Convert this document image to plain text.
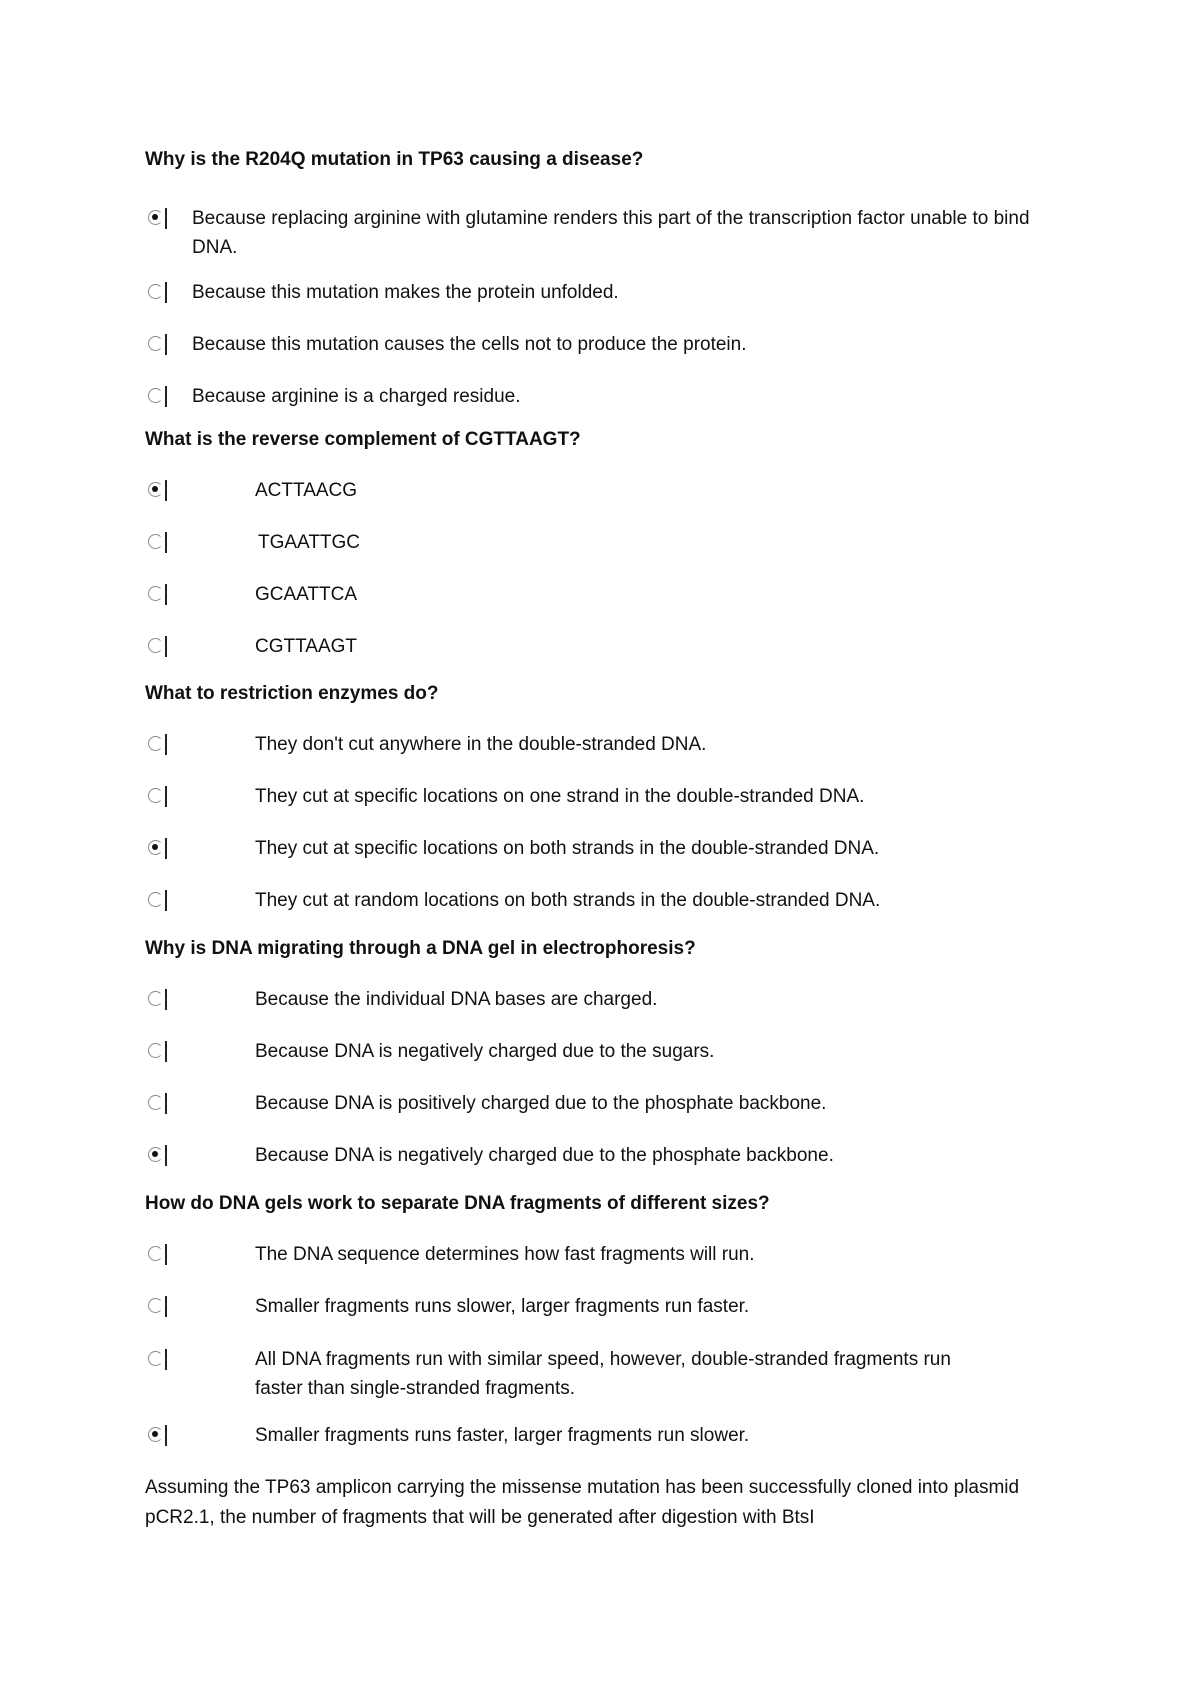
Why is the R204Q mutation in TP63 causing a disease?
Because replacing arginine with glutamine renders this part of the transcription factor unable to bind DNA.
Because this mutation makes the protein unfolded.
Because this mutation causes the cells not to produce the protein.
Because arginine is a charged residue.
What is the reverse complement of CGTTAAGT?
ACTTAACG
TGAATTGC
GCAATTCA
CGTTAAGT
What to restriction enzymes do?
They don't cut anywhere in the double-stranded DNA.
They cut at specific locations on one strand in the double-stranded DNA.
They cut at specific locations on both strands in the double-stranded DNA.
They cut at random locations on both strands in the double-stranded DNA.
Why is DNA migrating through a DNA gel in electrophoresis?
Because the individual DNA bases are charged.
Because DNA is negatively charged due to the sugars.
Because DNA is positively charged due to the phosphate backbone.
Because DNA is negatively charged due to the phosphate backbone.
How do DNA gels work to separate DNA fragments of different sizes?
The DNA sequence determines how fast fragments will run.
Smaller fragments runs slower, larger fragments run faster.
All DNA fragments run with similar speed, however, double-stranded fragments run faster than single-stranded fragments.
Smaller fragments runs faster, larger fragments run slower.
Assuming the TP63 amplicon carrying the missense mutation has been successfully cloned into plasmid pCR2.1, the number of fragments that will be generated after digestion with BtsI
